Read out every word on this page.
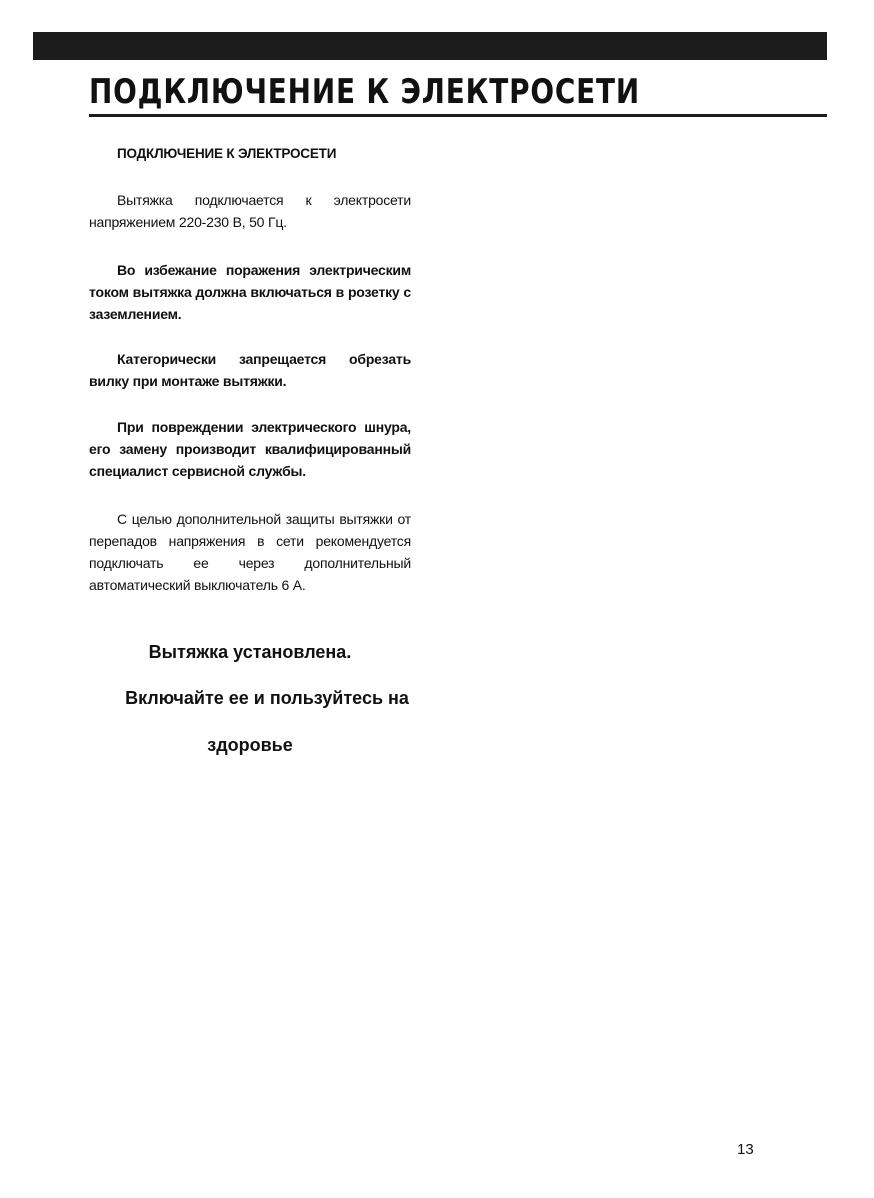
ПОДКЛЮЧЕНИЕ К ЭЛЕКТРОСЕТИ
ПОДКЛЮЧЕНИЕ К ЭЛЕКТРОСЕТИ
Вытяжка подключается к электросети напряжением 220-230 В, 50 Гц.
Во избежание поражения электрическим током вытяжка должна включаться в розетку с заземлением.
Категорически запрещается обрезать вилку при монтаже вытяжки.
При повреждении электрического шнура, его замену производит квалифицированный специалист сервисной службы.
С целью дополнительной защиты вытяжки от перепадов напряжения в сети рекомендуется подключать ее через дополнительный автоматический выключатель 6 А.
Вытяжка установлена.
Включайте ее и пользуйтесь на
здоровье
13
